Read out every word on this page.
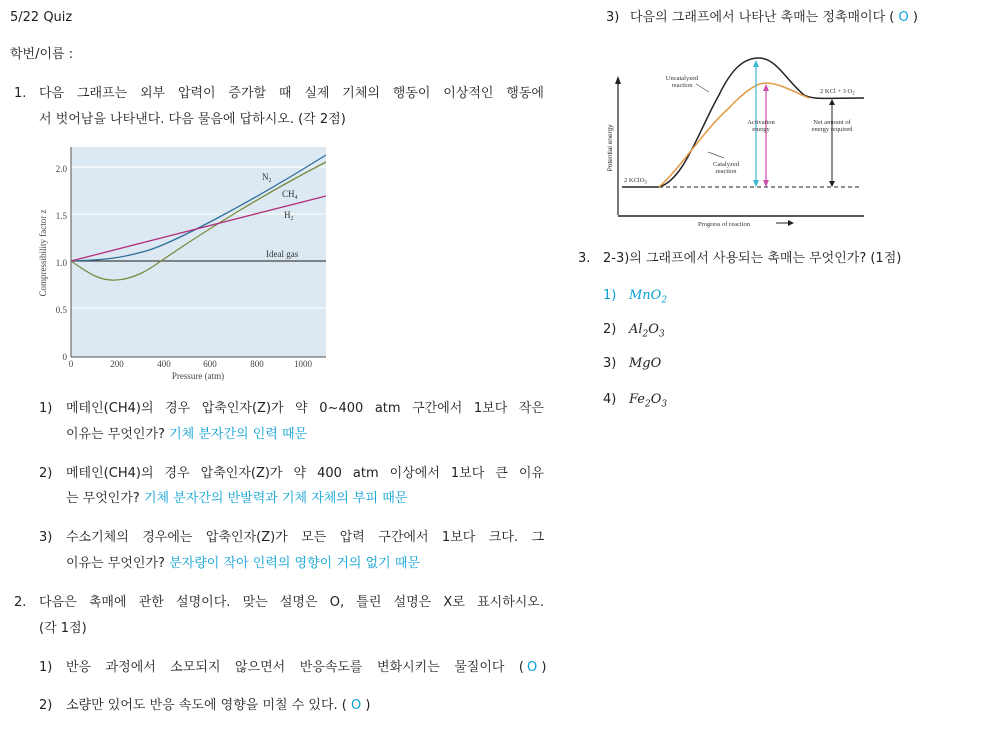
5/22 Quiz
학번/이름 :
1. 다음 그래프는 외부 압력이 증가할 때 실제 기체의 행동이 이상적인 행동에
서 벗어남을 나타낸다. 다음 물음에 답하시오. (각 2점)
0
0.5
1.0
1.5
2.0
0	200	400	600	800	1000
Pressure (atm)
Compressibility factor z
$N_2$
$CH_4$
$H_2$
Ideal gas
1) 메테인(CH4)의 경우 압축인자(Z)가 약 0~400 atm 구간에서 1보다 작은
이유는 무엇인가? 기체 분자간의 인력 때문
2) 메테인(CH4)의 경우 압축인자(Z)가 약 400 atm 이상에서 1보다 큰 이유
는 무엇인가? 기체 분자간의 반발력과 기체 자체의 부피 때문
3) 수소기체의 경우에는 압축인자(Z)가 모든 압력 구간에서 1보다 크다. 그
이유는 무엇인가? 분자량이 작아 인력의 영향이 거의 없기 때문
2. 다음은 촉매에 관한 설명이다. 맞는 설명은 O, 틀린 설명은 X로 표시하시오.
(각 1점)
1) 반응 과정에서 소모되지 않으면서 반응속도를 변화시키는 물질이다 ( O )
2) 소량만 있어도 반응 속도에 영향을 미칠 수 있다. ( O )
3) 다음의 그래프에서 나타난 촉매는 정촉매이다 ( O )
Potential energy
Uncatalyzed
reaction
2 KCl + 3 $O_2$
Activation
energy
Net amount of
energy required
Catalyzed
reaction
2 KClO$_3$
Progress of reaction
3. 2-3)의 그래프에서 사용되는 촉매는 무엇인가? (1점)
1) MnO$_2$
2) $Al_2O_3$
3) MgO
4) $Fe_2O_3$
